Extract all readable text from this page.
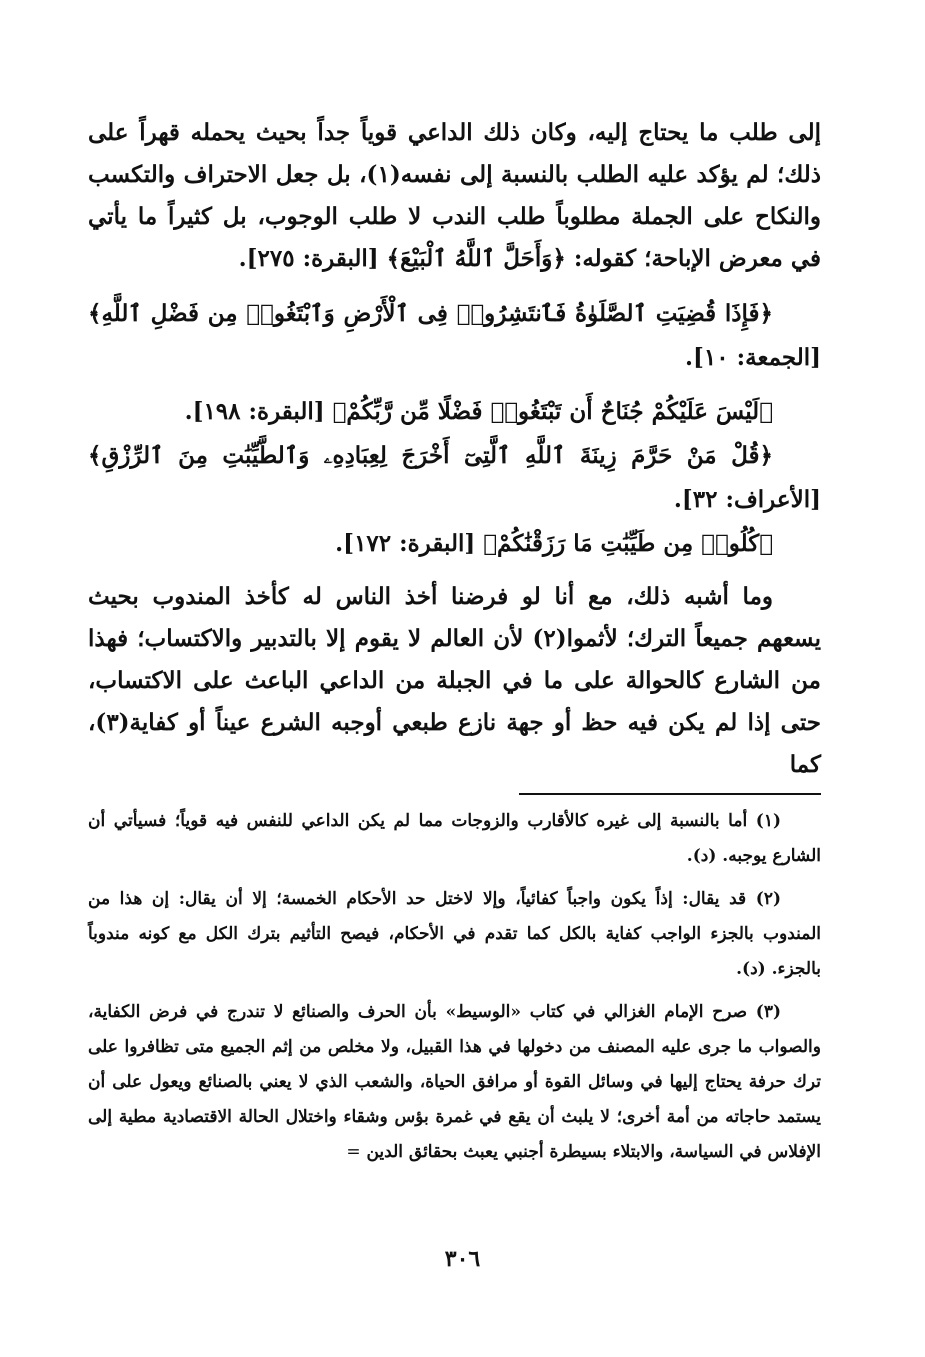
إلى طلب ما يحتاج إليه، وكان ذلك الداعي قوياً جداً بحيث يحمله قهراً على ذلك؛ لم يؤكد عليه الطلب بالنسبة إلى نفسه(١)، بل جعل الاحتراف والتكسب والنكاح على الجملة مطلوباً طلب الندب لا طلب الوجوب، بل كثيراً ما يأتي في معرض الإباحة؛ كقوله: ﴿وَأَحَلَّ ٱللَّهُ ٱلْبَيْعَ﴾ [البقرة: ٢٧٥].

﴿فَإِذَا قُضِيَتِ ٱلصَّلَوٰةُ فَٱنتَشِرُوا۟ فِى ٱلْأَرْضِ وَٱبْتَغُوا۟ مِن فَضْلِ ٱللَّهِ﴾ [الجمعة: ١٠].

﴿لَيْسَ عَلَيْكُمْ جُنَاحٌ أَن تَبْتَغُوا۟ فَضْلًا مِّن رَّبِّكُمْ﴾ [البقرة: ١٩٨].

﴿قُلْ مَنْ حَرَّمَ زِينَةَ ٱللَّهِ ٱلَّتِىٓ أَخْرَجَ لِعِبَادِهِۦ وَٱلطَّيِّبَٰتِ مِنَ ٱلرِّزْقِ﴾ [الأعراف: ٣٢].

﴿كُلُوا۟ مِن طَيِّبَٰتِ مَا رَزَقْنَٰكُمْ﴾ [البقرة: ١٧٢].

وما أشبه ذلك، مع أنا لو فرضنا أخذ الناس له كأخذ المندوب بحيث يسعهم جميعاً الترك؛ لأثموا(٢) لأن العالم لا يقوم إلا بالتدبير والاكتساب؛ فهذا من الشارع كالحوالة على ما في الجبلة من الداعي الباعث على الاكتساب، حتى إذا لم يكن فيه حظ أو جهة نازع طبعي أوجبه الشرع عيناً أو كفاية(٣)، كما

(١) أما بالنسبة إلى غيره كالأقارب والزوجات مما لم يكن الداعي للنفس فيه قوياً؛ فسيأتي أن الشارع يوجبه. (د).

(٢) قد يقال: إذاً يكون واجباً كفائياً، وإلا لاختل حد الأحكام الخمسة؛ إلا أن يقال: إن هذا من المندوب بالجزء الواجب كفاية بالكل كما تقدم في الأحكام، فيصح التأثيم بترك الكل مع كونه مندوباً بالجزء. (د).

(٣) صرح الإمام الغزالي في كتاب «الوسيط» بأن الحرف والصنائع لا تندرج في فرض الكفاية، والصواب ما جرى عليه المصنف من دخولها في هذا القبيل، ولا مخلص من إثم الجميع متى تظافروا على ترك حرفة يحتاج إليها في وسائل القوة أو مرافق الحياة، والشعب الذي لا يعني بالصنائع ويعول على أن يستمد حاجاته من أمة أخرى؛ لا يلبث أن يقع في غمرة بؤس وشقاء واختلال الحالة الاقتصادية مطية إلى الإفلاس في السياسة، والابتلاء بسيطرة أجنبي يعبث بحقائق الدين =

٣٠٦
